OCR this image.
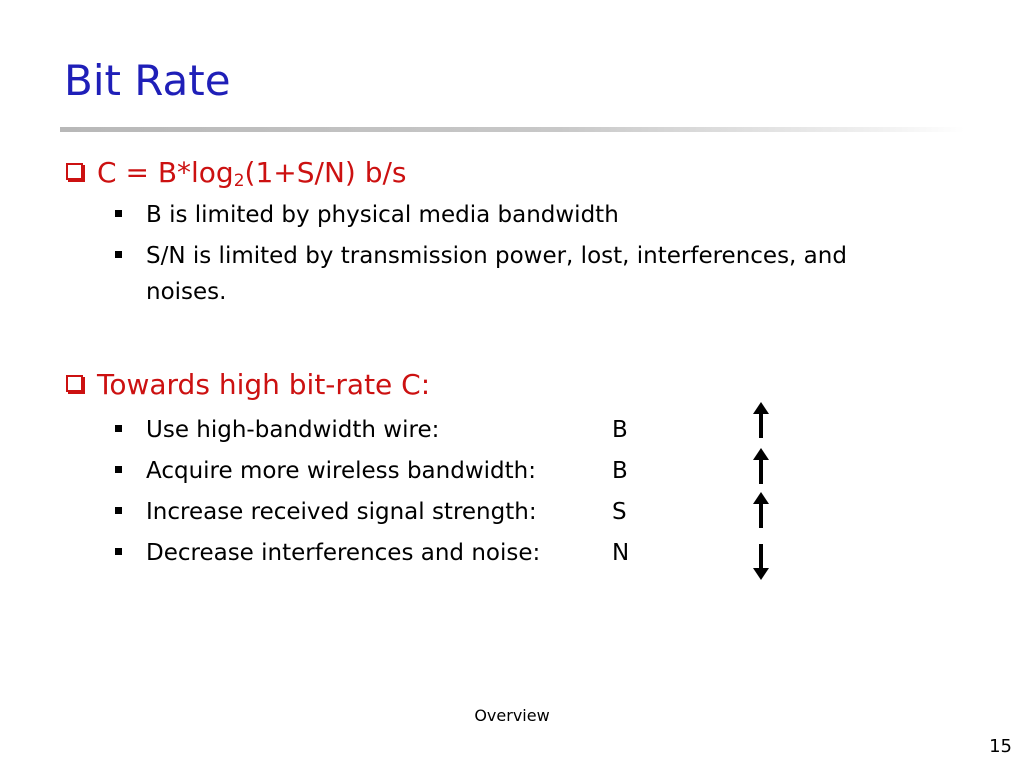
Bit Rate
$C = B*\log_2(1+S/N)$ b/s
B is limited by physical media bandwidth
S/N is limited by transmission power, lost, interferences, and noises.
Towards high bit-rate C:
Use high-bandwidth wire:	B
Acquire more wireless bandwidth:	B
Increase received signal strength:	S
Decrease interferences and noise:	N
Overview
15
